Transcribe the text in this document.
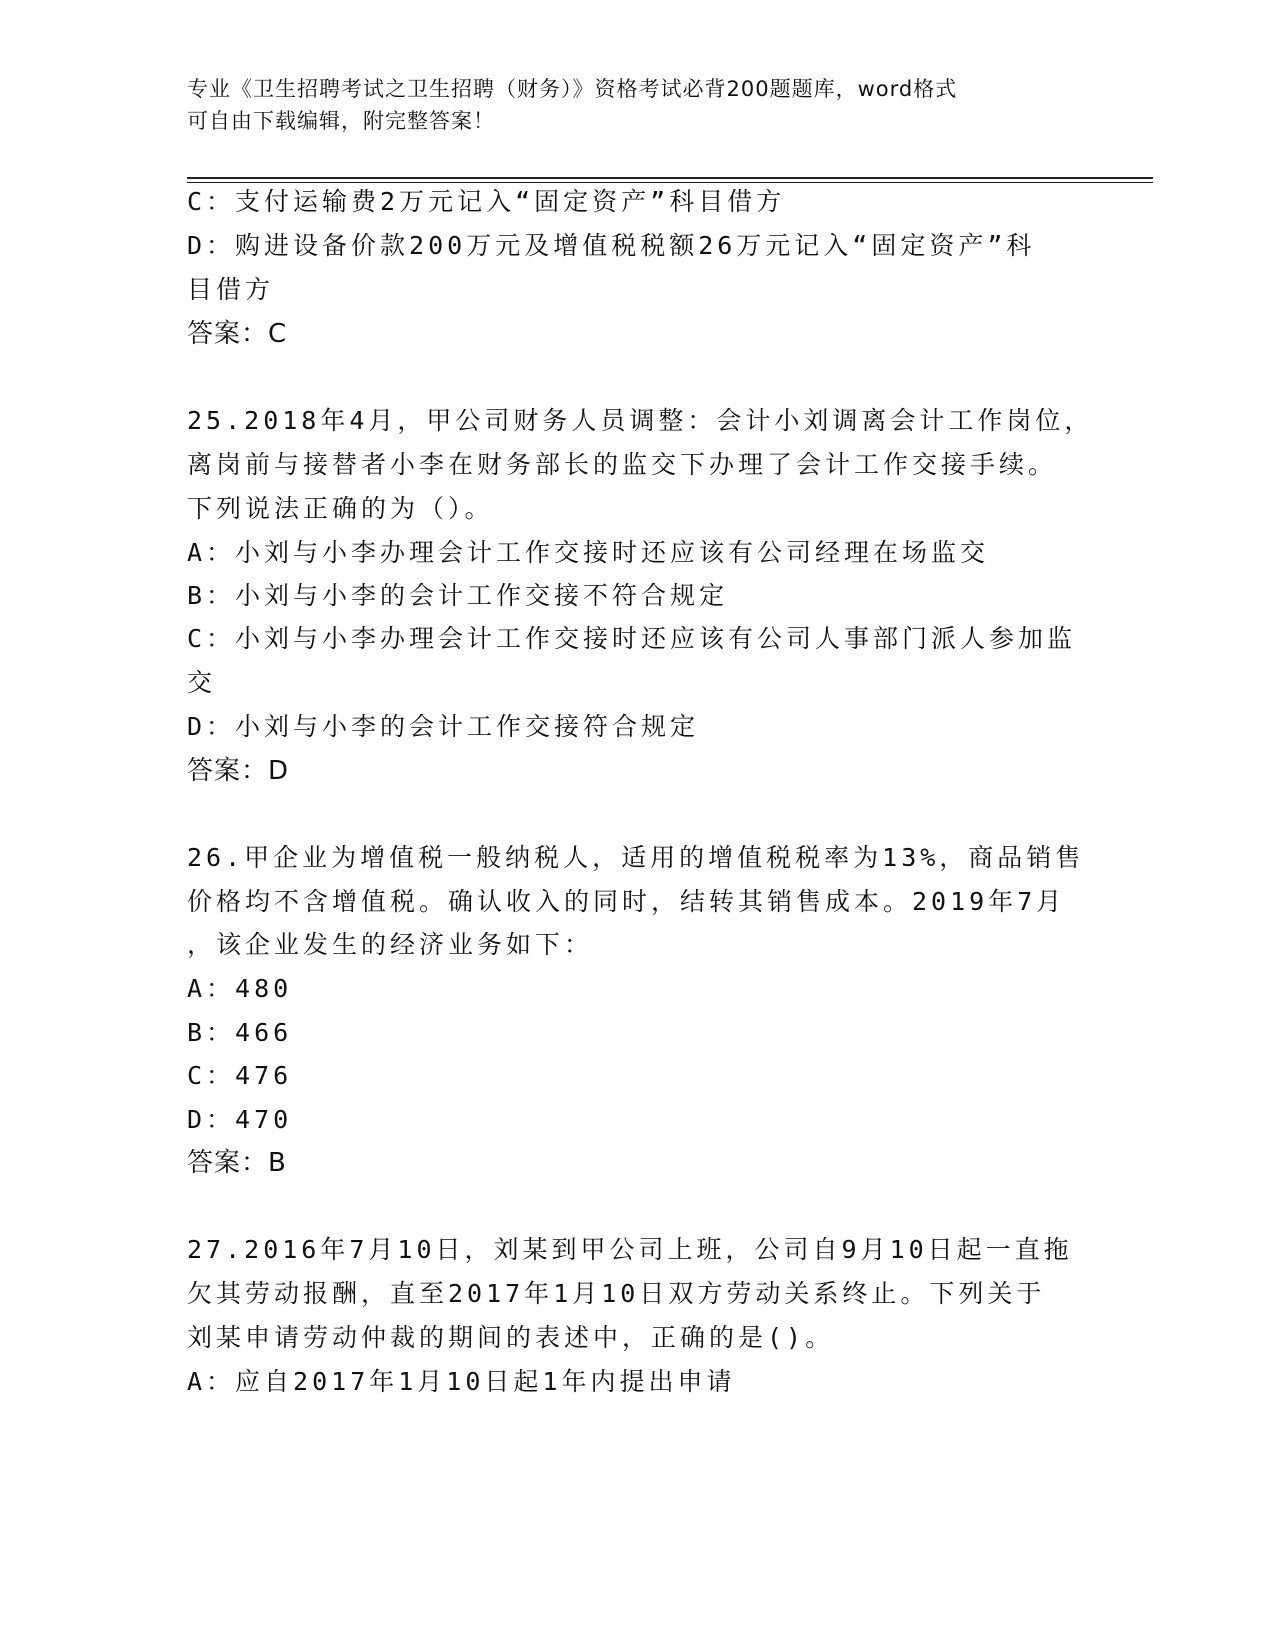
专业《卫生招聘考试之卫生招聘（财务）》资格考试必背200题题库，word格式
可自由下载编辑，附完整答案！
C：支付运输费2万元记入“固定资产”科目借方
D：购进设备价款200万元及增值税税额26万元记入“固定资产”科
目借方
答案：C
25.2018年4月，甲公司财务人员调整：会计小刘调离会计工作岗位，
离岗前与接替者小李在财务部长的监交下办理了会计工作交接手续。
下列说法正确的为（）。
A：小刘与小李办理会计工作交接时还应该有公司经理在场监交
B：小刘与小李的会计工作交接不符合规定
C：小刘与小李办理会计工作交接时还应该有公司人事部门派人参加监
交
D：小刘与小李的会计工作交接符合规定
答案：D
26.甲企业为增值税一般纳税人，适用的增值税税率为13%，商品销售
价格均不含增值税。确认收入的同时，结转其销售成本。2019年7月
，该企业发生的经济业务如下：
A：480
B：466
C：476
D：470
答案：B
27.2016年7月10日，刘某到甲公司上班，公司自9月10日起一直拖
欠其劳动报酬，直至2017年1月10日双方劳动关系终止。下列关于
刘某申请劳动仲裁的期间的表述中，正确的是()。
A：应自2017年1月10日起1年内提出申请
